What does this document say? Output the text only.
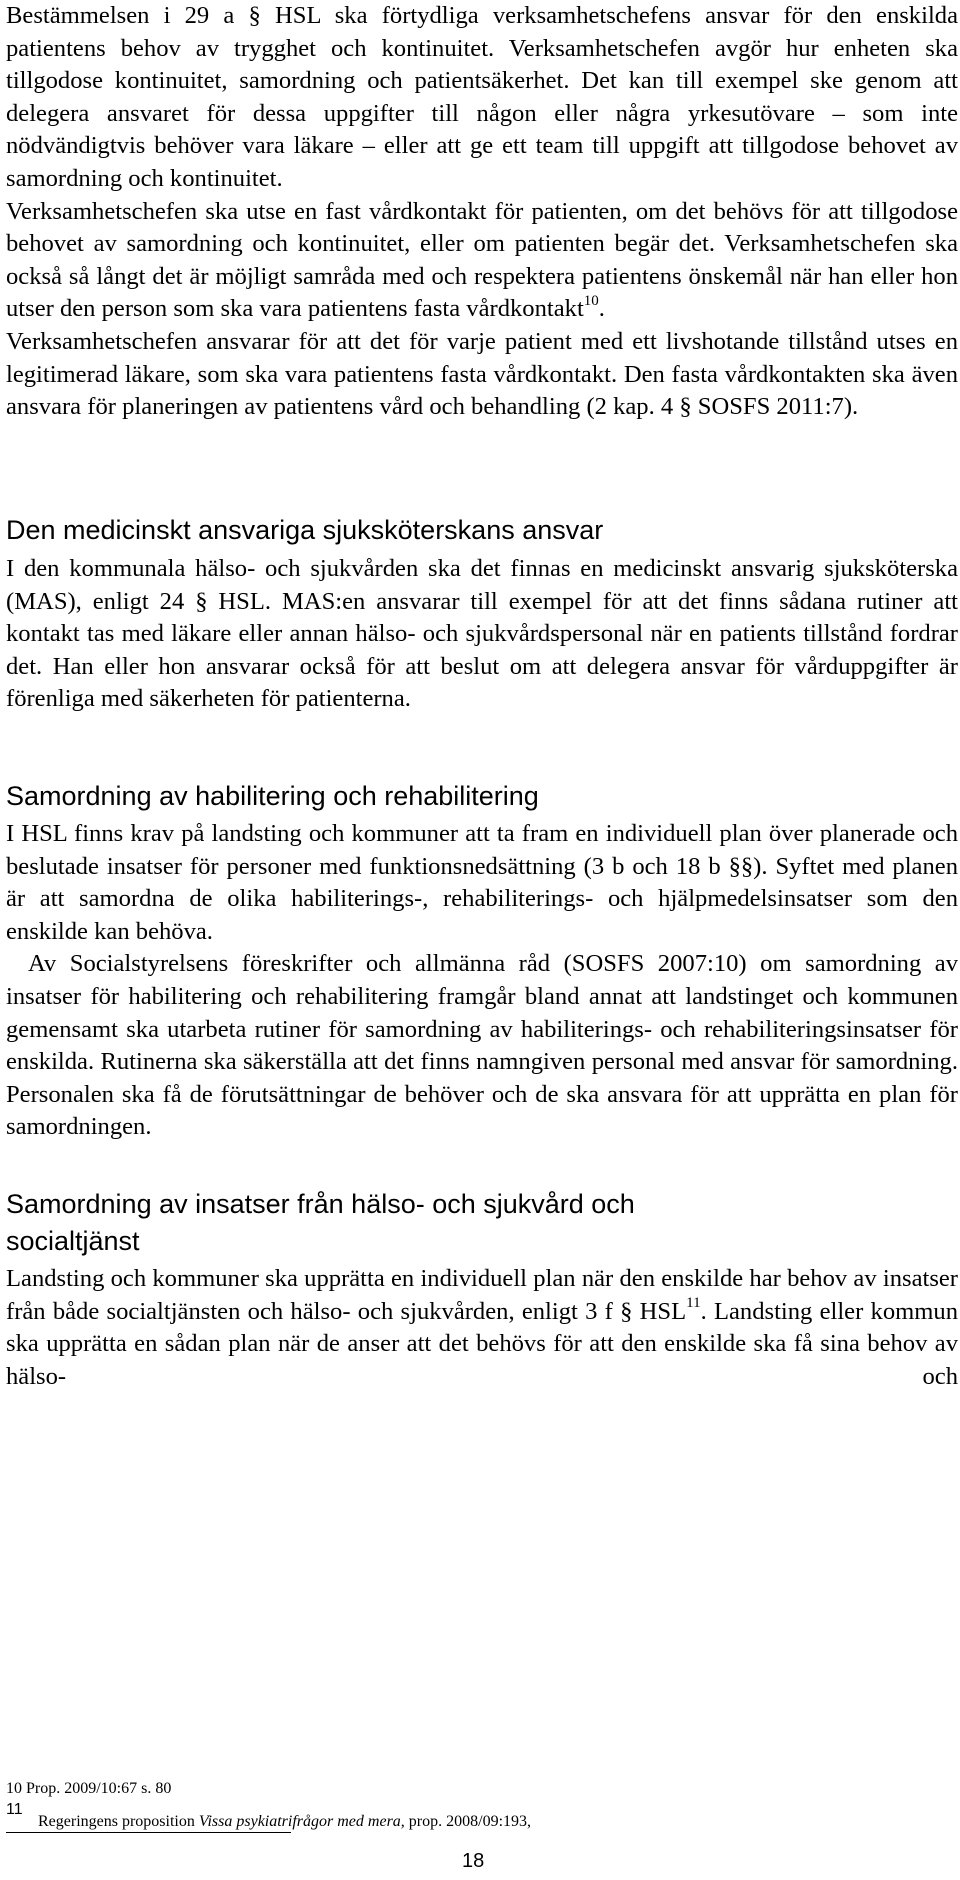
Bestämmelsen i 29 a § HSL ska förtydliga verksamhetschefens ansvar för den enskilda patientens behov av trygghet och kontinuitet. Verksamhetschefen avgör hur enheten ska tillgodose kontinuitet, samordning och patientsäkerhet. Det kan till exempel ske genom att delegera ansvaret för dessa uppgifter till någon eller några yrkesutövare – som inte nödvändigtvis behöver vara läkare – eller att ge ett team till uppgift att tillgodose behovet av samordning och kontinuitet.

Verksamhetschefen ska utse en fast vårdkontakt för patienten, om det behövs för att tillgodose behovet av samordning och kontinuitet, eller om patienten begär det. Verksamhetschefen ska också så långt det är möjligt samråda med och respektera patientens önskemål när han eller hon utser den person som ska vara patientens fasta vårdkontakt$^{10}$.

Verksamhetschefen ansvarar för att det för varje patient med ett livshotande tillstånd utses en legitimerad läkare, som ska vara patientens fasta vårdkontakt. Den fasta vårdkontakten ska även ansvara för planeringen av patientens vård och behandling (2 kap. 4 § SOSFS 2011:7).

Den medicinskt ansvariga sjuksköterskans ansvar

I den kommunala hälso- och sjukvården ska det finnas en medicinskt ansvarig sjuksköterska (MAS), enligt 24 § HSL. MAS:en ansvarar till exempel för att det finns sådana rutiner att kontakt tas med läkare eller annan hälso- och sjukvårdspersonal när en patients tillstånd fordrar det. Han eller hon ansvarar också för att beslut om att delegera ansvar för vårduppgifter är förenliga med säkerheten för patienterna.

Samordning av habilitering och rehabilitering

I HSL finns krav på landsting och kommuner att ta fram en individuell plan över planerade och beslutade insatser för personer med funktionsnedsättning (3 b och 18 b §§). Syftet med planen är att samordna de olika habiliterings-, rehabiliterings- och hjälpmedelsinsatser som den enskilde kan behöva.

Av Socialstyrelsens föreskrifter och allmänna råd (SOSFS 2007:10) om samordning av insatser för habilitering och rehabilitering framgår bland annat att landstinget och kommunen gemensamt ska utarbeta rutiner för samordning av habiliterings- och rehabiliteringsinsatser för enskilda. Rutinerna ska säkerställa att det finns namngiven personal med ansvar för samordning. Personalen ska få de förutsättningar de behöver och de ska ansvara för att upprätta en plan för samordningen.

Samordning av insatser från hälso- och sjukvård och socialtjänst

Landsting och kommuner ska upprätta en individuell plan när den enskilde har behov av insatser från både socialtjänsten och hälso- och sjukvården, enligt 3 f § HSL$^{11}$. Landsting eller kommun ska upprätta en sådan plan när de anser att det behövs för att den enskilde ska få sina behov av hälso- och

10 Prop. 2009/10:67 s. 80
11
Regeringens proposition Vissa psykiatrifrågor med mera, prop. 2008/09:193,
18
